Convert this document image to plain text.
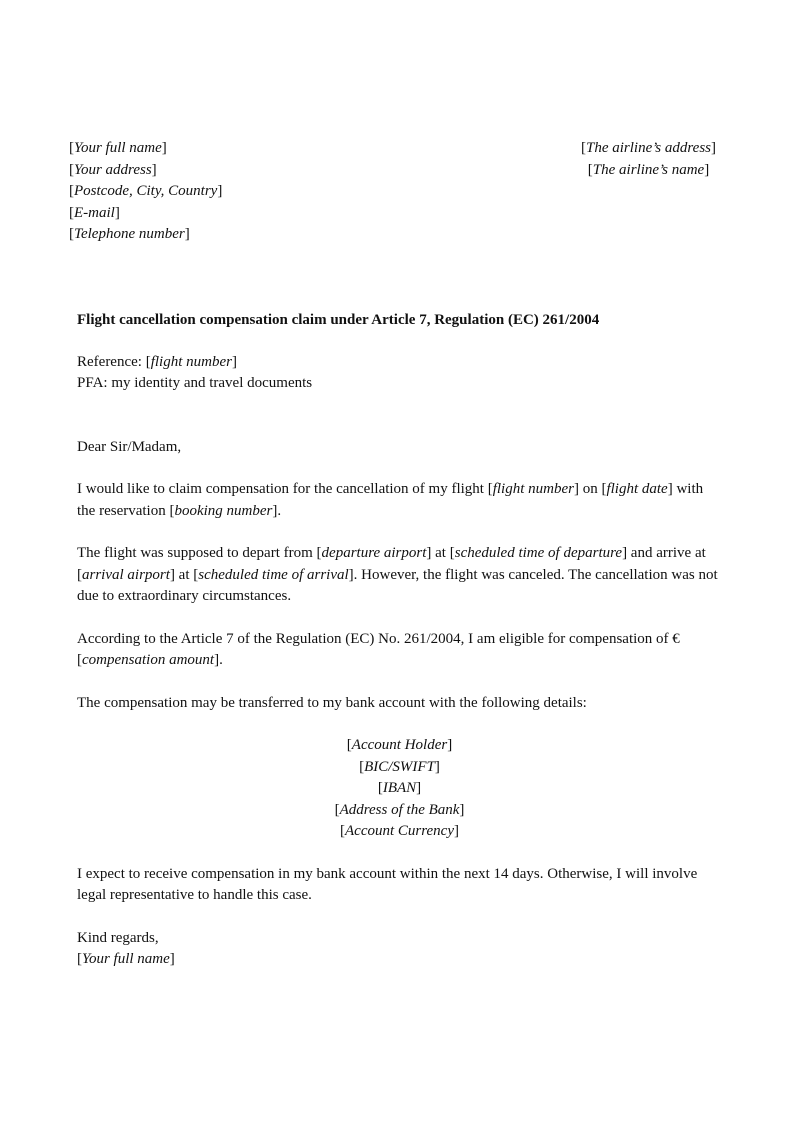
[Your full name]
[Your address]
[Postcode, City, Country]
[E-mail]
[Telephone number]
[The airline’s address]
[The airline’s name]
Flight cancellation compensation claim under Article 7, Regulation (EC) 261/2004
Reference: [flight number]
PFA: my identity and travel documents
Dear Sir/Madam,
I would like to claim compensation for the cancellation of my flight [flight number] on [flight date] with the reservation [booking number].
The flight was supposed to depart from [departure airport] at [scheduled time of departure] and arrive at [arrival airport] at [scheduled time of arrival]. However, the flight was canceled. The cancellation was not due to extraordinary circumstances.
According to the Article 7 of the Regulation (EC) No. 261/2004, I am eligible for compensation of €[compensation amount].
The compensation may be transferred to my bank account with the following details:
[Account Holder]
[BIC/SWIFT]
[IBAN]
[Address of the Bank]
[Account Currency]
I expect to receive compensation in my bank account within the next 14 days. Otherwise, I will involve legal representative to handle this case.
Kind regards,
[Your full name]
